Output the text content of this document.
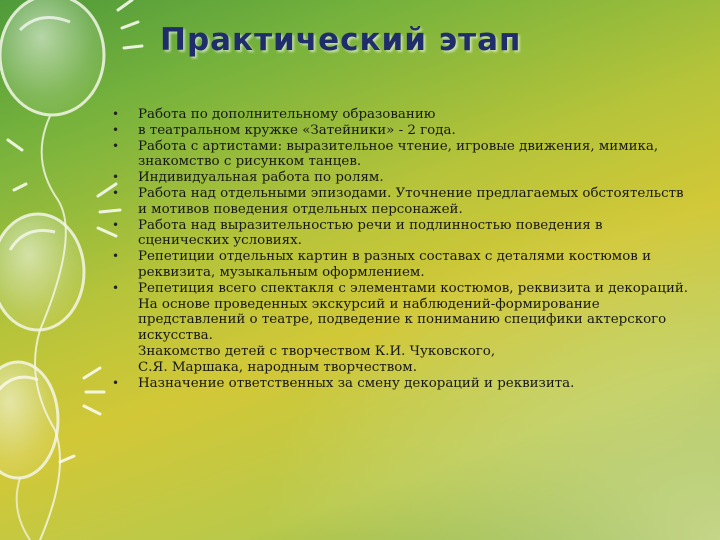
Практический этап
• Работа по дополнительному образованию
• в театральном кружке «Затейники» - 2 года.
• Работа с артистами: выразительное чтение, игровые движения, мимика, знакомство с рисунком танцев.
• Индивидуальная работа по ролям.
• Работа над отдельными эпизодами. Уточнение предлагаемых обстоятельств и мотивов поведения отдельных персонажей.
• Работа над выразительностью речи и подлинностью поведения в сценических условиях.
• Репетиции отдельных картин в разных составах с деталями костюмов и реквизита, музыкальным оформлением.
• Репетиция всего спектакля с элементами костюмов, реквизита и декораций.
На основе проведенных экскурсий и наблюдений-формирование представлений о театре, подведение к пониманию специфики актерского искусства.
Знакомство детей с творчеством К.И. Чуковского,
С.Я. Маршака, народным творчеством.
• Назначение ответственных за смену декораций и реквизита.
